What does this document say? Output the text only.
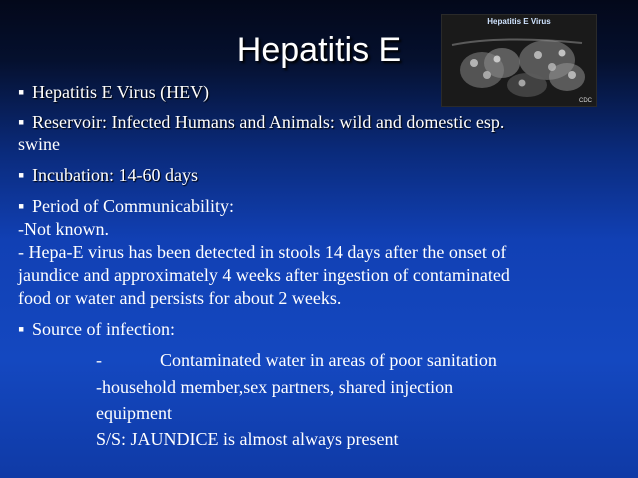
Hepatitis E Virus
CDC
Hepatitis E
▪ Hepatitis E Virus (HEV)
▪ Reservoir: Infected Humans and Animals: wild and domestic esp.
swine
▪ Incubation: 14-60 days
▪ Period of Communicability:
-Not known.
- Hepa-E virus has been detected in stools 14 days after the onset of
jaundice and approximately 4 weeks after ingestion of contaminated
food or water and persists for about 2 weeks.
▪ Source of infection:
-	Contaminated water in areas of poor sanitation
-household member,sex partners, shared injection
equipment
S/S: JAUNDICE is almost always present
